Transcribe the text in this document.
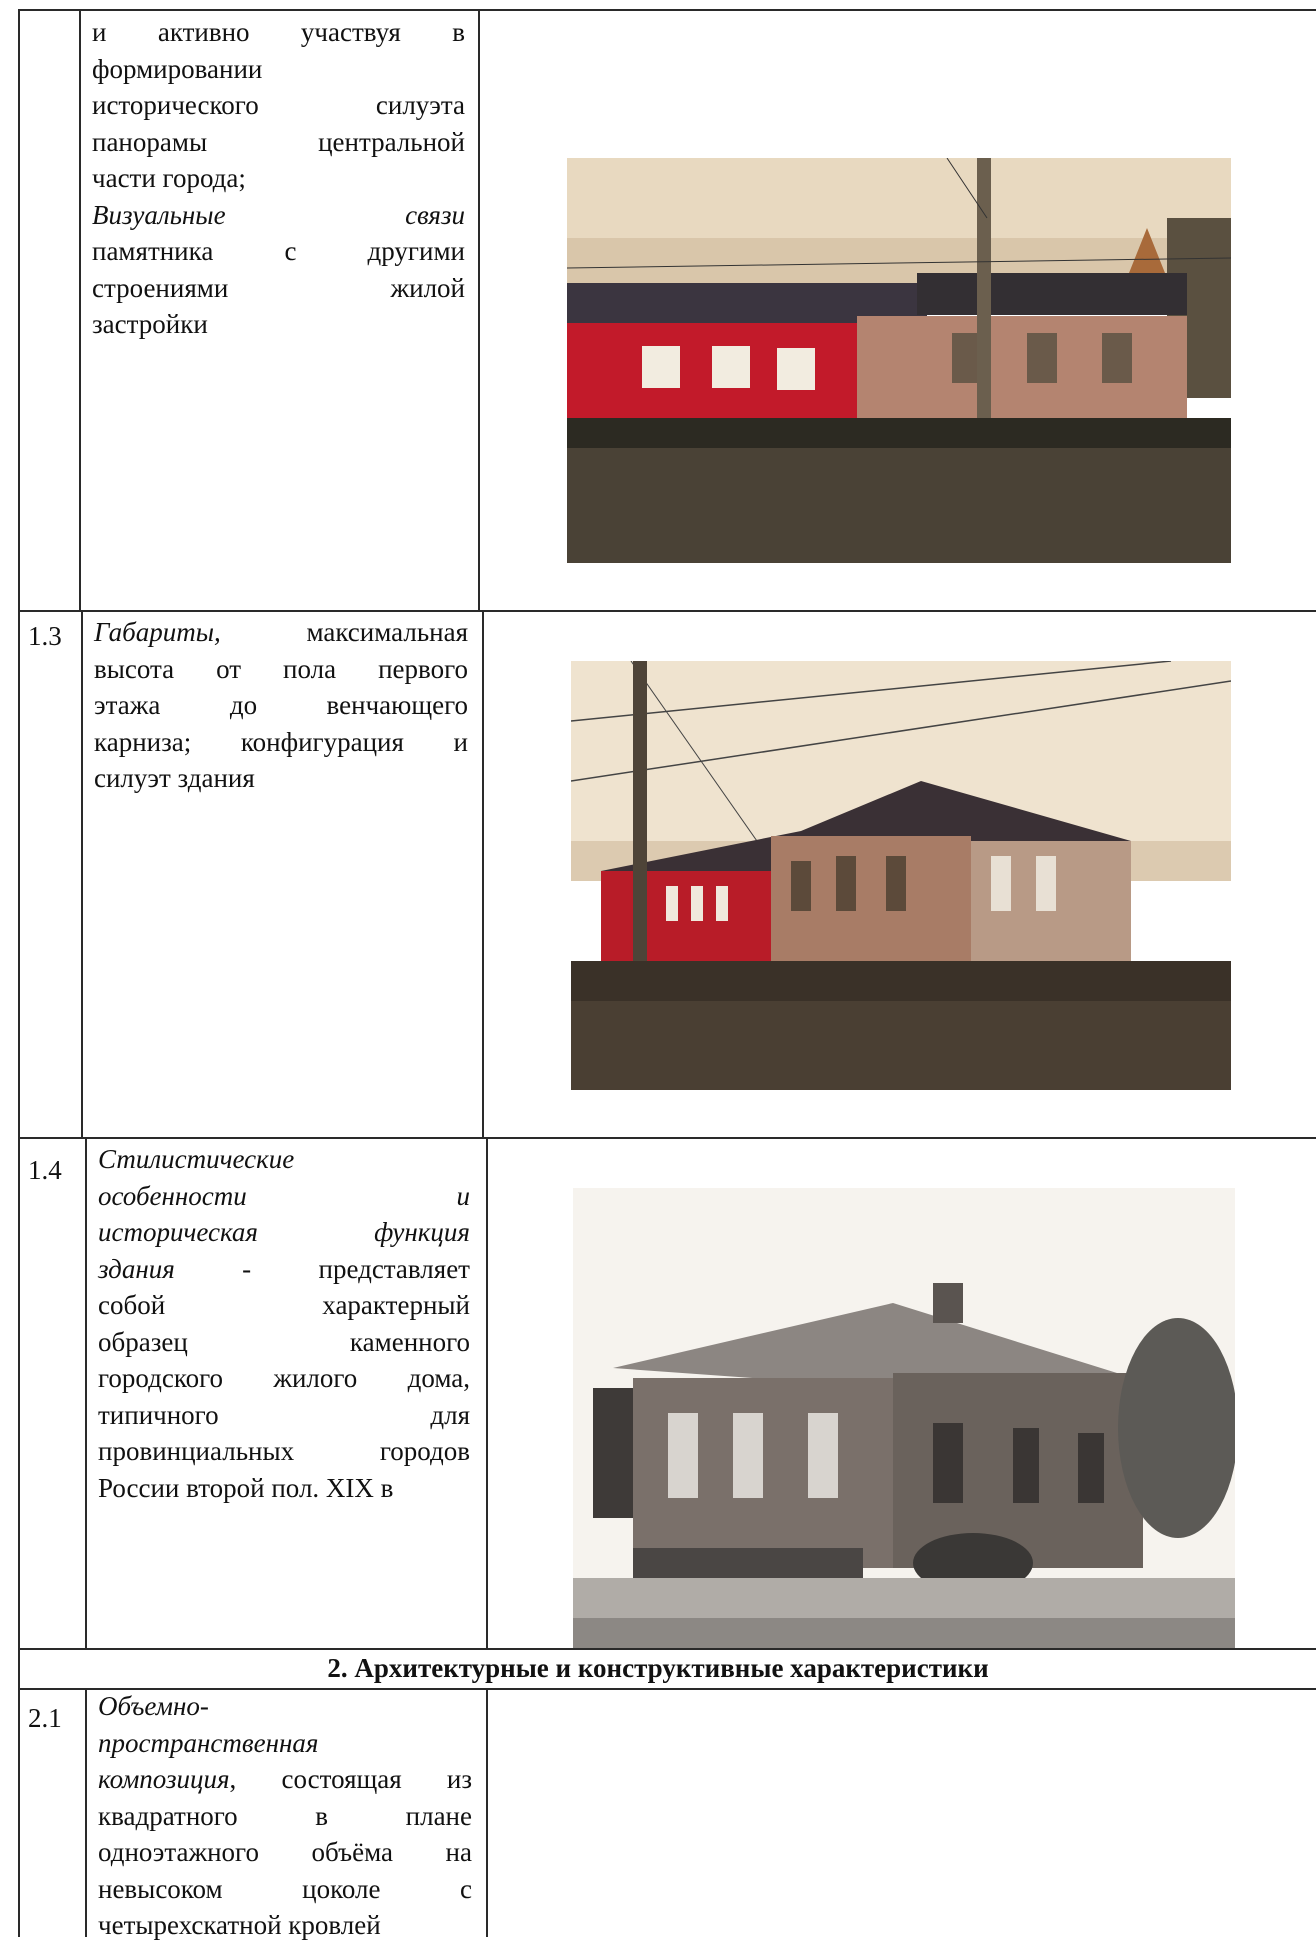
и активно участвуя в
формировании
исторического силуэта
панорамы центральной
части города;
Визуальные связи
памятника с другими
строениями жилой
застройки
1.3 Габариты, максимальная
высота от пола первого
этажа до венчающего
карниза; конфигурация и
силуэт здания
1.4 Стилистические
особенности и
историческая функция
здания - представляет
собой характерный
образец каменного
городского жилого дома,
типичного для
провинциальных городов
России второй пол. XIX в
2. Архитектурные и конструктивные характеристики
2.1 Объемно-
пространственная
композиция, состоящая из
квадратного в плане
одноэтажного объёма на
невысоком цоколе с
четырехскатной кровлей
